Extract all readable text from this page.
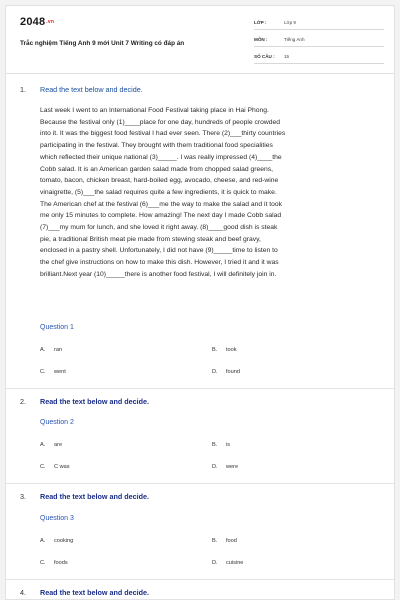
2048.vn
Trắc nghiệm Tiếng Anh 9 mới Unit 7 Writing có đáp án
LỚP :	Lớp 9
MÔN :	Tiếng Anh
SỐ CÂU : 15
1. Read the text below and decide.

Last week I went to an International Food Festival taking place in Hai Phong.

Because the festival only (1)____place for one day, hundreds of people crowded

into it. It was the biggest food festival I had ever seen. There (2)___thirty countries

participating in the festival. They brought with them traditional food specialities

which reflected their unique national (3)_____. I was really impressed (4)____the

Cobb salad. It is an American garden salad made from chopped salad greens,

tomato, bacon, chicken breast, hard-boiled egg, avocado, cheese, and red-wine

vinaigrette, (5)___the salad requires quite a few ingredients, it is quick to make.

The American chef at the festival (6)___me the way to make the salad and it took

me only 15 minutes to complete. How amazing! The next day I made Cobb salad

(7)___my mum for lunch, and she loved it right away. (8)____good dish is steak

pie, a traditional British meat pie made from stewing steak and beef gravy,

enclosed in a pastry shell. Unfortunately, I did not have (9)_____time to listen to

the chef give instructions on how to make this dish. However, I tried it and it was

brilliant.Next year (10)_____there is another food festival, I will definitely join in.

Question 1
A. ran	B. took
C. went	D. found
2. Read the text below and decide.
Question 2
A. are	B. is
C. C was	D. were
3. Read the text below and decide.
Question 3
A. cooking	B. food
C. foods	D. cuisine
4. Read the text below and decide.
